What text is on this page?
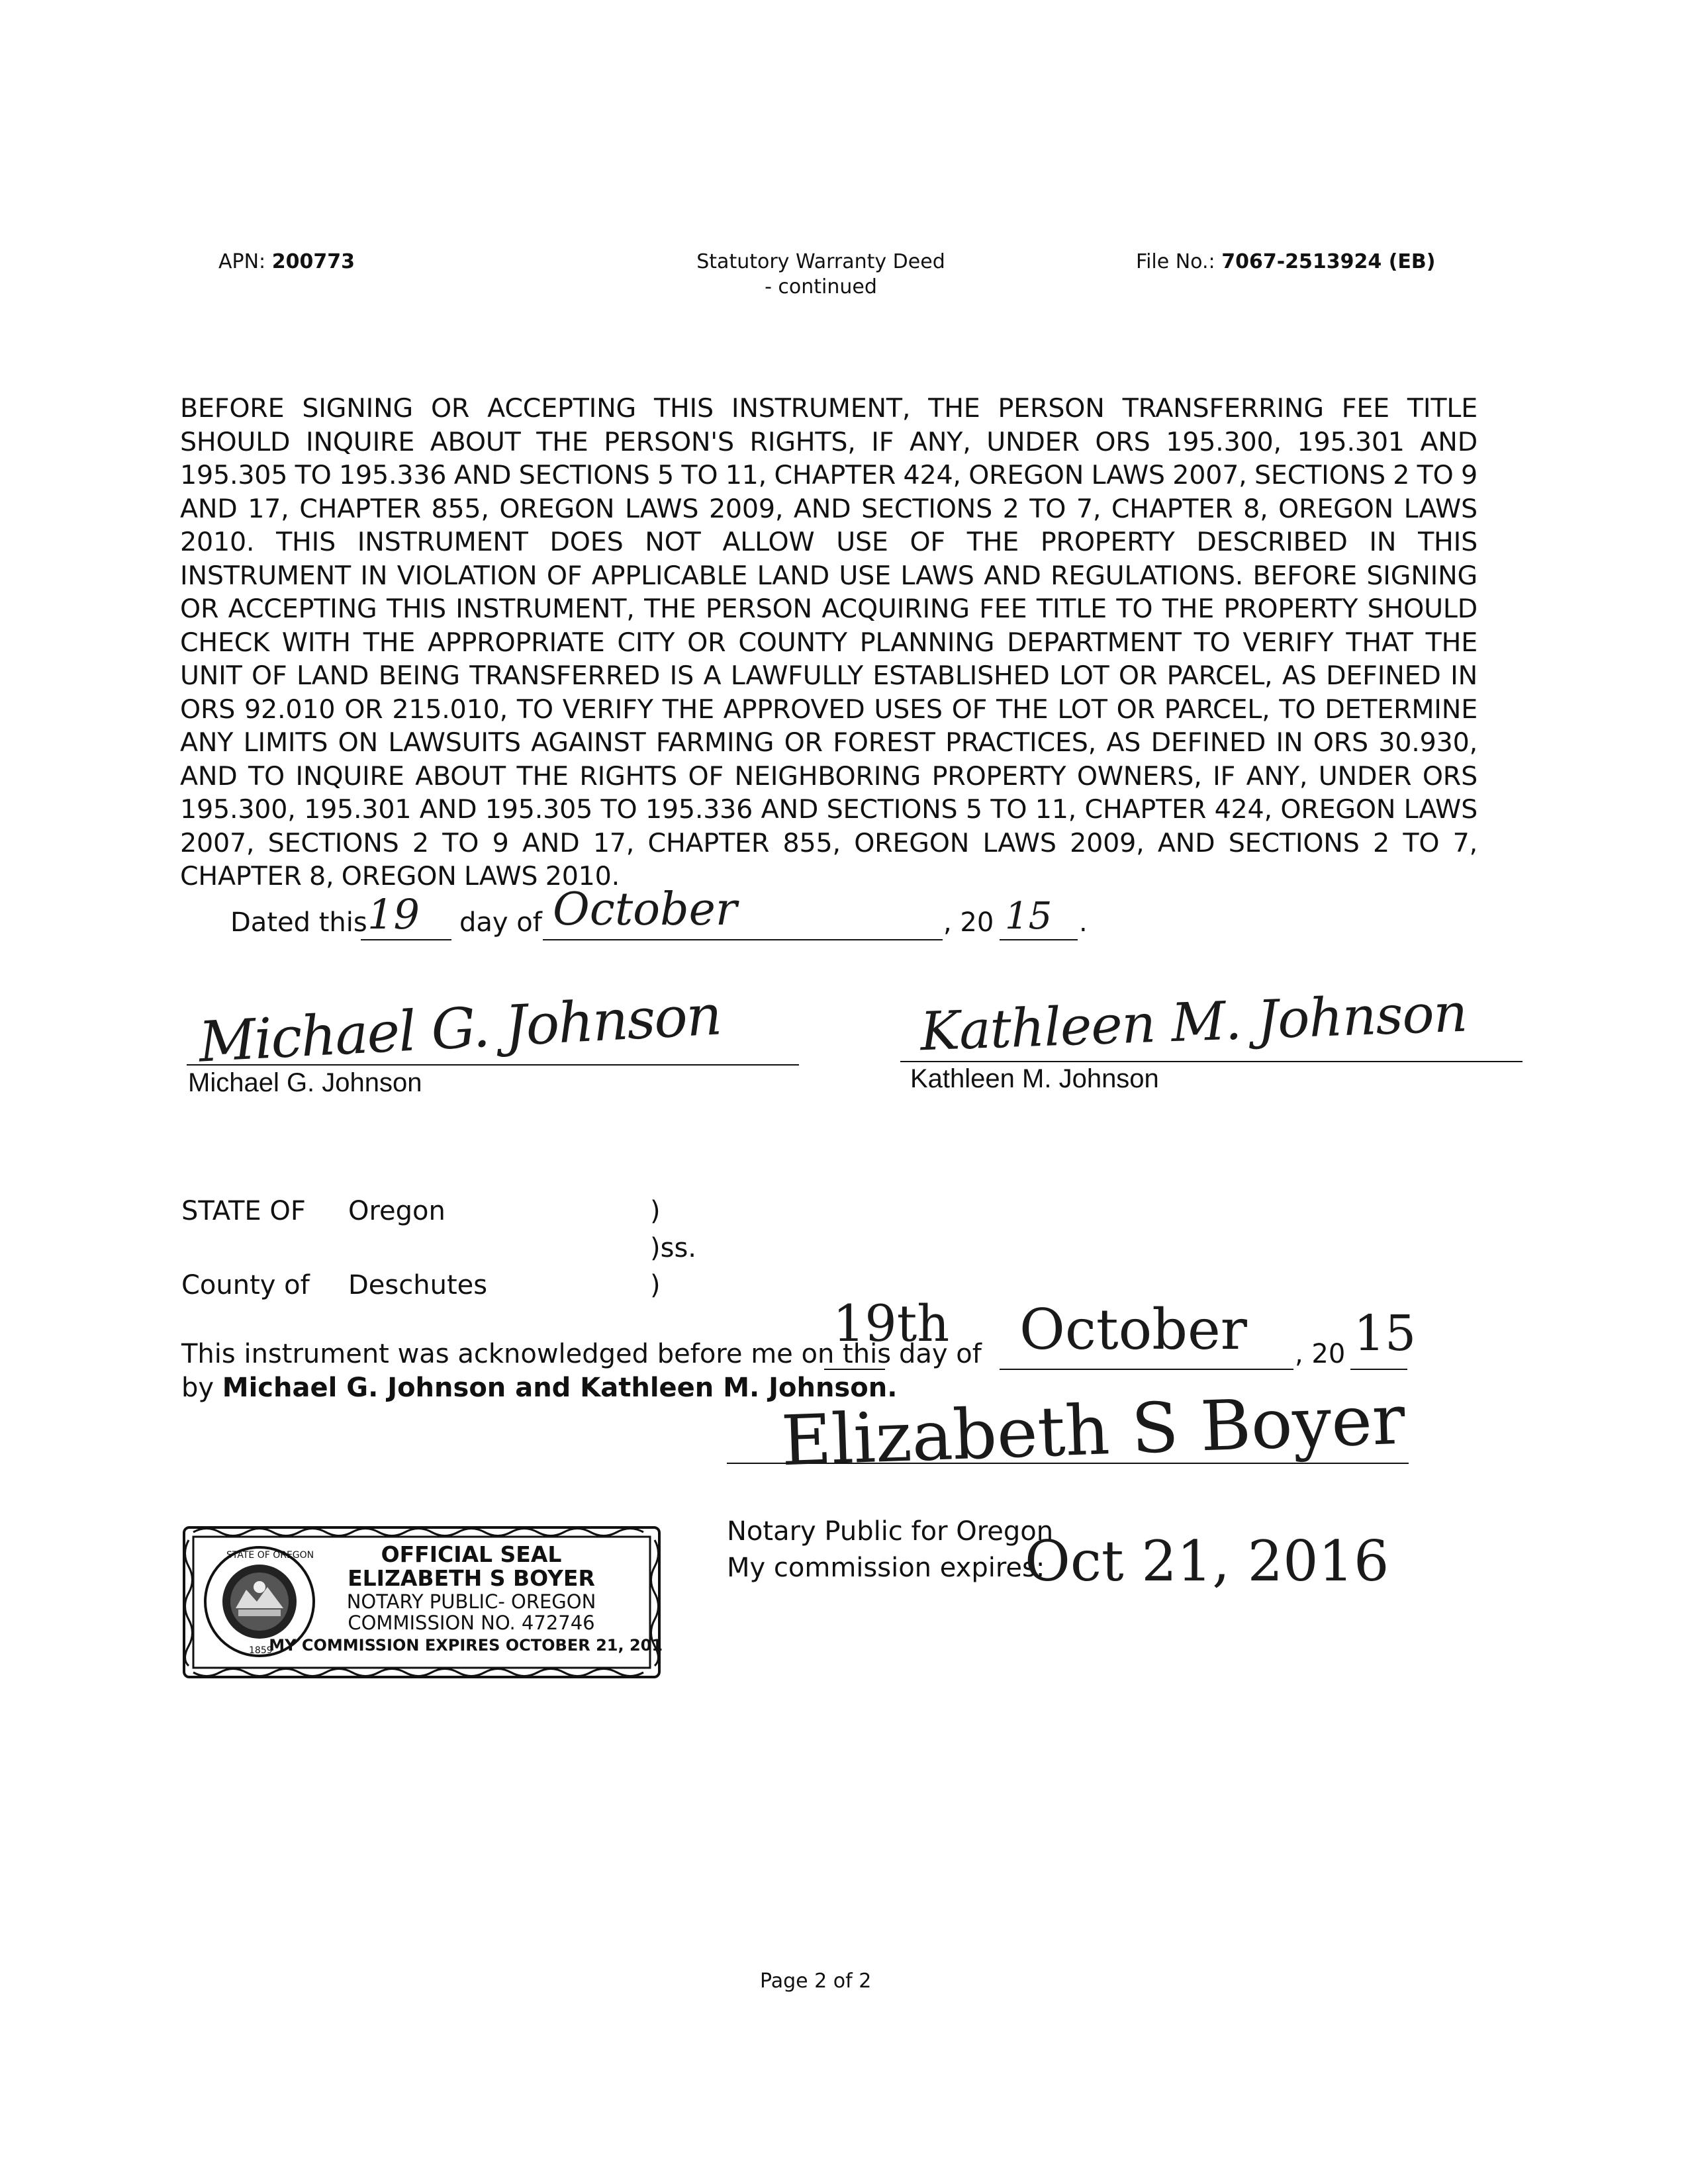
APN: 200773	Statutory Warranty Deed
- continued
File No.: 7067-2513924 (EB)
BEFORE SIGNING OR ACCEPTING THIS INSTRUMENT, THE PERSON TRANSFERRING FEE TITLE SHOULD INQUIRE ABOUT THE PERSON'S RIGHTS, IF ANY, UNDER ORS 195.300, 195.301 AND 195.305 TO 195.336 AND SECTIONS 5 TO 11, CHAPTER 424, OREGON LAWS 2007, SECTIONS 2 TO 9 AND 17, CHAPTER 855, OREGON LAWS 2009, AND SECTIONS 2 TO 7, CHAPTER 8, OREGON LAWS 2010. THIS INSTRUMENT DOES NOT ALLOW USE OF THE PROPERTY DESCRIBED IN THIS INSTRUMENT IN VIOLATION OF APPLICABLE LAND USE LAWS AND REGULATIONS. BEFORE SIGNING OR ACCEPTING THIS INSTRUMENT, THE PERSON ACQUIRING FEE TITLE TO THE PROPERTY SHOULD CHECK WITH THE APPROPRIATE CITY OR COUNTY PLANNING DEPARTMENT TO VERIFY THAT THE UNIT OF LAND BEING TRANSFERRED IS A LAWFULLY ESTABLISHED LOT OR PARCEL, AS DEFINED IN ORS 92.010 OR 215.010, TO VERIFY THE APPROVED USES OF THE LOT OR PARCEL, TO DETERMINE ANY LIMITS ON LAWSUITS AGAINST FARMING OR FOREST PRACTICES, AS DEFINED IN ORS 30.930, AND TO INQUIRE ABOUT THE RIGHTS OF NEIGHBORING PROPERTY OWNERS, IF ANY, UNDER ORS 195.300, 195.301 AND 195.305 TO 195.336 AND SECTIONS 5 TO 11, CHAPTER 424, OREGON LAWS 2007, SECTIONS 2 TO 9 AND 17, CHAPTER 855, OREGON LAWS 2009, AND SECTIONS 2 TO 7, CHAPTER 8, OREGON LAWS 2010.
Dated this 19 day of October	, 20 15 .
Michael G. Johnson
Michael G. Johnson
Kathleen M. Johnson
Kathleen M. Johnson
STATE OF Oregon	)
)ss.
County of Deschutes	)
This instrument was acknowledged before me on this
19th
day of October , 20 15
by Michael G. Johnson and Kathleen M. Johnson.
Elizabeth S Boyer
Notary Public for Oregon
My commission expires:
Oct 21, 2016
STATE OF OREGON
1859
OFFICIAL SEAL
ELIZABETH S BOYER
NOTARY PUBLIC- OREGON
COMMISSION NO. 472746
MY COMMISSION EXPIRES OCTOBER 21, 2016
Page 2 of 2
